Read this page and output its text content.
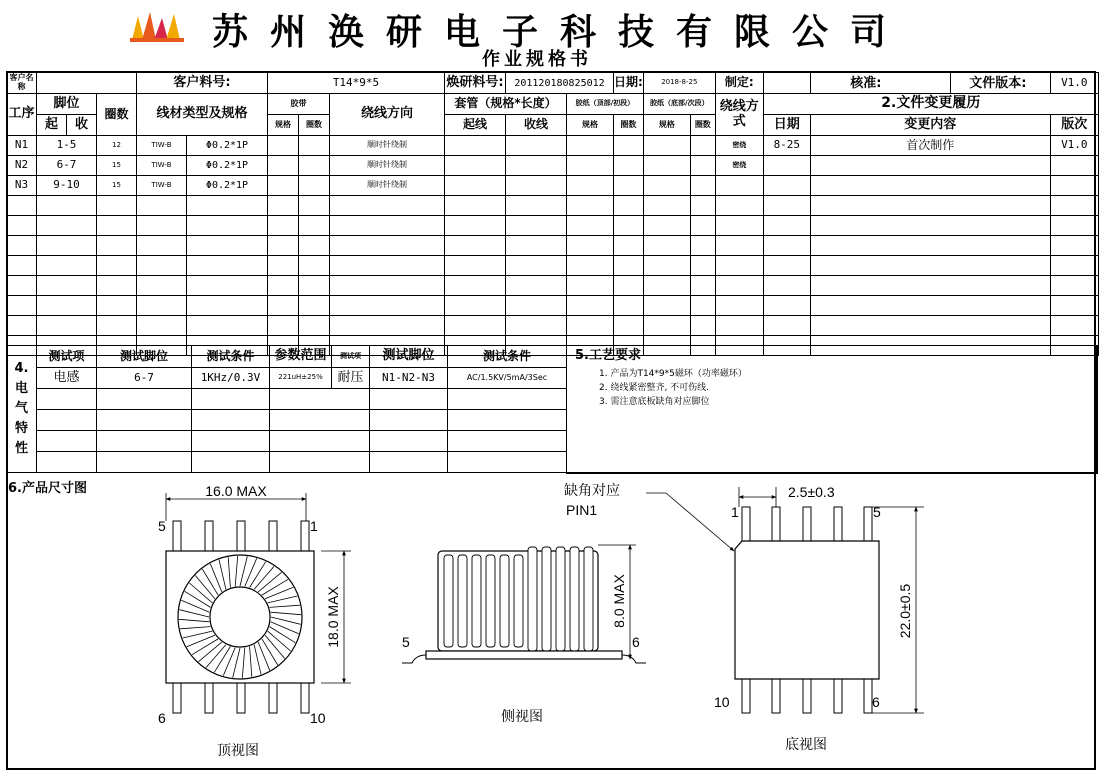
苏州涣研电子科技有限公司
作业规格书
客户名称				客户料号:		T14*9*5			焕研料号:	201120180825012		日期:	2018-8-25		制定:		核准: 文件版本:	V1.0
工序	脚位		圈数	线材类型及规格		胶带		绕线方向	套管（规格*长度）		胶纸（顶部/初段）		胶纸（底部/次段）		绕线方式	2.文件变更履历		
	起	收				规格	圈数		起线	收线	规格	圈数	规格	圈数		日期	变更内容	版次
N1	1-5		12	TIW-B	Φ0.2*1P			顺时针绕制							密绕	8-25	首次制作	V1.0
N2	6-7		15	TIW-B	Φ0.2*1P			顺时针绕制							密绕			
N3	9-10		15	TIW-B	Φ0.2*1P			顺时针绕制										

4.电气特性	测试项	测试脚位	测试条件	参数范围	测试项	测试脚位	测试条件
	电感	6-7	1KHz/0.3V	221uH±25%	耐压	N1-N2-N3	AC/1.5KV/5mA/3Sec

5.工艺要求
1. 产品为T14*9*5磁环（功率磁环）
2. 绕线紧密整齐, 不可伤线.
3. 需注意底板缺角对应脚位
6.产品尺寸图	16.0 MAX
5	1
6	10
18.0 MAX
顶视图
5	6
8.0 MAX
侧视图
缺角对应
PIN1
2.5±0.3
1	5
10	6
22.0±0.5
底视图
